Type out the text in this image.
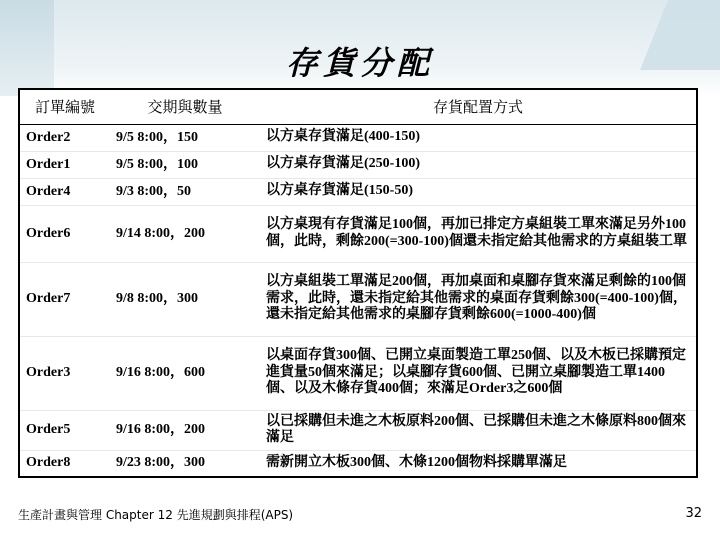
存貨分配
訂單編號	交期與數量	存貨配置方式
Order2	9/5 8:00，150	以方桌存貨滿足(400-150)
Order1	9/5 8:00，100	以方桌存貨滿足(250-100)
Order4	9/3 8:00，50	以方桌存貨滿足(150-50)
Order6	9/14 8:00，200	以方桌現有存貨滿足100個，再加已排定方桌組裝工單來滿足另外100個，此時，剩餘200(=300-100)個還未指定給其他需求的方桌組裝工單
Order7	9/8 8:00，300	以方桌組裝工單滿足200個，再加桌面和桌腳存貨來滿足剩餘的100個需求，此時，還未指定給其他需求的桌面存貨剩餘300(=400-100)個，還未指定給其他需求的桌腳存貨剩餘600(=1000-400)個
Order3	9/16 8:00，600	以桌面存貨300個、已開立桌面製造工單250個、以及木板已採購預定進貨量50個來滿足；以桌腳存貨600個、已開立桌腳製造工單1400個、以及木條存貨400個；來滿足Order3之600個
Order5	9/16 8:00，200	以已採購但未進之木板原料200個、已採購但未進之木條原料800個來滿足
Order8	9/23 8:00，300	需新開立木板300個、木條1200個物料採購單滿足
生產計畫與管理 Chapter 12 先進規劃與排程(APS)	32
